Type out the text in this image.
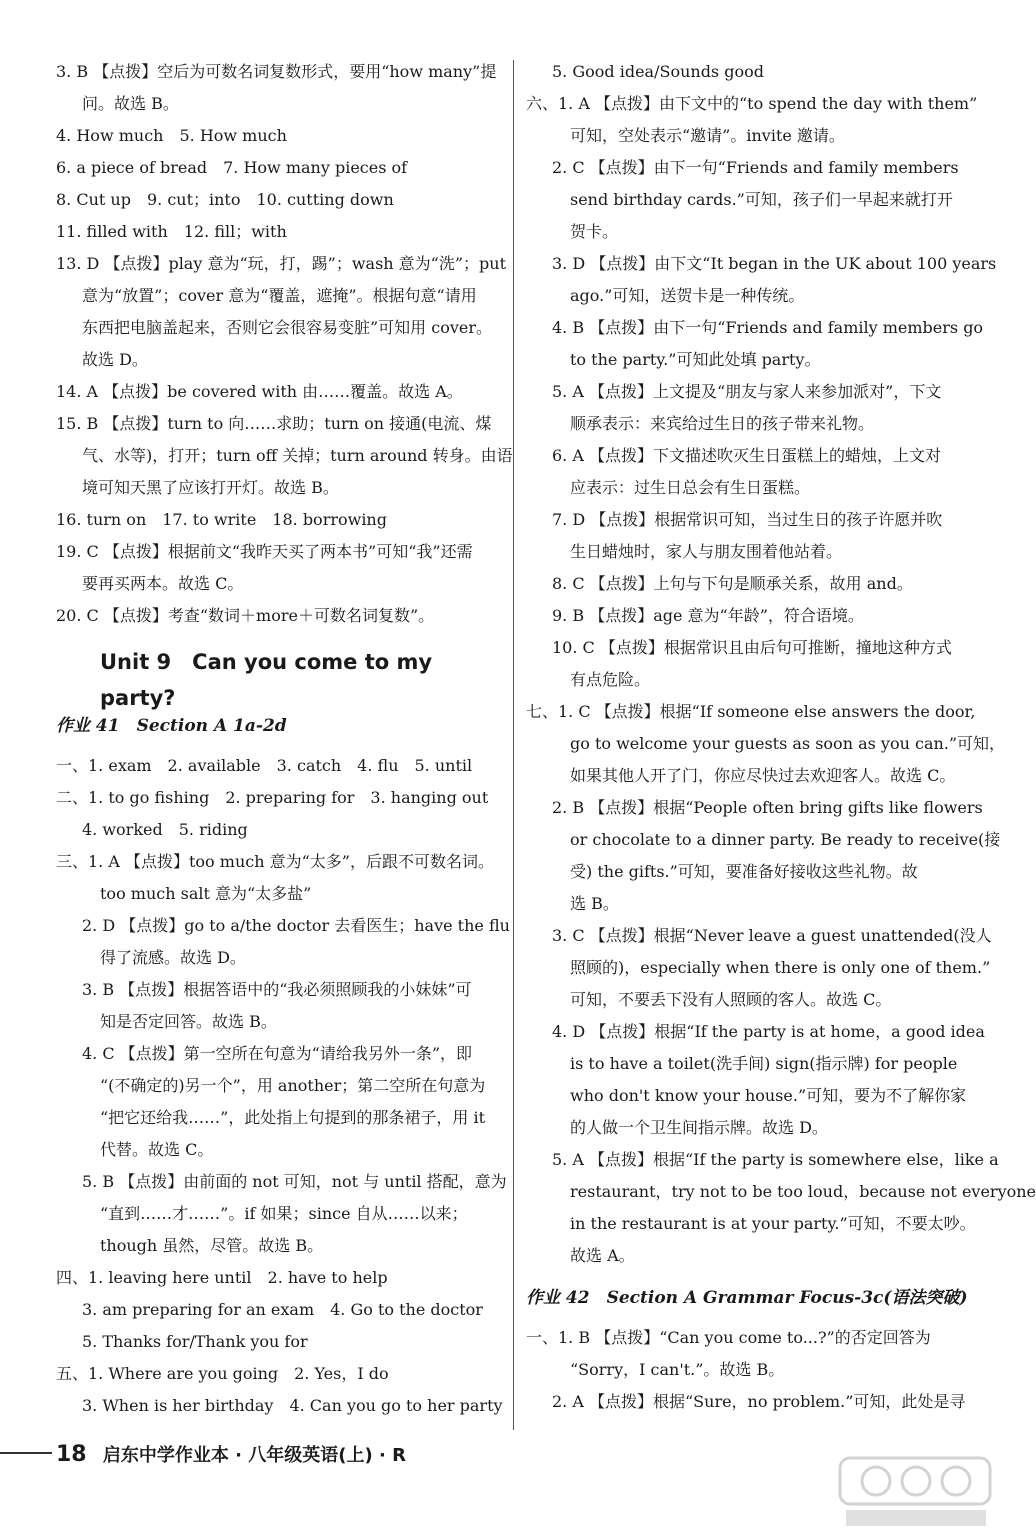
3. B 【点拨】空后为可数名词复数形式，要用“how many”提
问。故选 B。
4. How much　5. How much
6. a piece of bread　7. How many pieces of
8. Cut up　9. cut；into　10. cutting down
11. filled with　12. fill；with
13. D 【点拨】play 意为“玩，打，踢”；wash 意为“洗”；put
意为“放置”；cover 意为“覆盖，遮掩”。根据句意“请用
东西把电脑盖起来，否则它会很容易变脏”可知用 cover。
故选 D。
14. A 【点拨】be covered with 由……覆盖。故选 A。
15. B 【点拨】turn to 向……求助；turn on 接通(电流、煤
气、水等)，打开；turn off 关掉；turn around 转身。由语
境可知天黑了应该打开灯。故选 B。
16. turn on　17. to write　18. borrowing
19. C 【点拨】根据前文“我昨天买了两本书”可知“我”还需
要再买两本。故选 C。
20. C 【点拨】考查“数词＋more＋可数名词复数”。
Unit 9　Can you come to my party?
作业 41　Section A 1a-2d
一、1. exam　2. available　3. catch　4. flu　5. until
二、1. to go fishing　2. preparing for　3. hanging out
4. worked　5. riding
三、1. A 【点拨】too much 意为“太多”，后跟不可数名词。
too much salt 意为“太多盐”
2. D 【点拨】go to a/the doctor 去看医生；have the flu
得了流感。故选 D。
3. B 【点拨】根据答语中的“我必须照顾我的小妹妹”可
知是否定回答。故选 B。
4. C 【点拨】第一空所在句意为“请给我另外一条”，即
“(不确定的)另一个”，用 another；第二空所在句意为
“把它还给我……”，此处指上句提到的那条裙子，用 it
代替。故选 C。
5. B 【点拨】由前面的 not 可知，not 与 until 搭配，意为
“直到……才……”。if 如果；since 自从……以来；
though 虽然，尽管。故选 B。
四、1. leaving here until　2. have to help
3. am preparing for an exam　4. Go to the doctor
5. Thanks for/Thank you for
五、1. Where are you going　2. Yes，I do
3. When is her birthday　4. Can you go to her party
5. Good idea/Sounds good
六、1. A 【点拨】由下文中的“to spend the day with them”
可知，空处表示“邀请”。invite 邀请。
2. C 【点拨】由下一句“Friends and family members
send birthday cards.”可知，孩子们一早起来就打开
贺卡。
3. D 【点拨】由下文“It began in the UK about 100 years
ago.”可知，送贺卡是一种传统。
4. B 【点拨】由下一句“Friends and family members go
to the party.”可知此处填 party。
5. A 【点拨】上文提及“朋友与家人来参加派对”，下文
顺承表示：来宾给过生日的孩子带来礼物。
6. A 【点拨】下文描述吹灭生日蛋糕上的蜡烛，上文对
应表示：过生日总会有生日蛋糕。
7. D 【点拨】根据常识可知，当过生日的孩子许愿并吹
生日蜡烛时，家人与朋友围着他站着。
8. C 【点拨】上句与下句是顺承关系，故用 and。
9. B 【点拨】age 意为“年龄”，符合语境。
10. C 【点拨】根据常识且由后句可推断，撞地这种方式
有点危险。
七、1. C 【点拨】根据“If someone else answers the door,
go to welcome your guests as soon as you can.”可知，
如果其他人开了门，你应尽快过去欢迎客人。故选 C。
2. B 【点拨】根据“People often bring gifts like flowers
or chocolate to a dinner party. Be ready to receive(接
受) the gifts.”可知，要准备好接收这些礼物。故
选 B。
3. C 【点拨】根据“Never leave a guest unattended(没人
照顾的)，especially when there is only one of them.”
可知，不要丢下没有人照顾的客人。故选 C。
4. D 【点拨】根据“If the party is at home，a good idea
is to have a toilet(洗手间) sign(指示牌) for people
who don't know your house.”可知，要为不了解你家
的人做一个卫生间指示牌。故选 D。
5. A 【点拨】根据“If the party is somewhere else，like a
restaurant，try not to be too loud，because not everyone
in the restaurant is at your party.”可知，不要太吵。
故选 A。
作业 42　Section A Grammar Focus-3c(语法突破)
一、1. B 【点拨】“Can you come to...?”的否定回答为
“Sorry，I can't.”。故选 B。
2. A 【点拨】根据“Sure，no problem.”可知，此处是寻
18 启东中学作业本 · 八年级英语(上) · R
